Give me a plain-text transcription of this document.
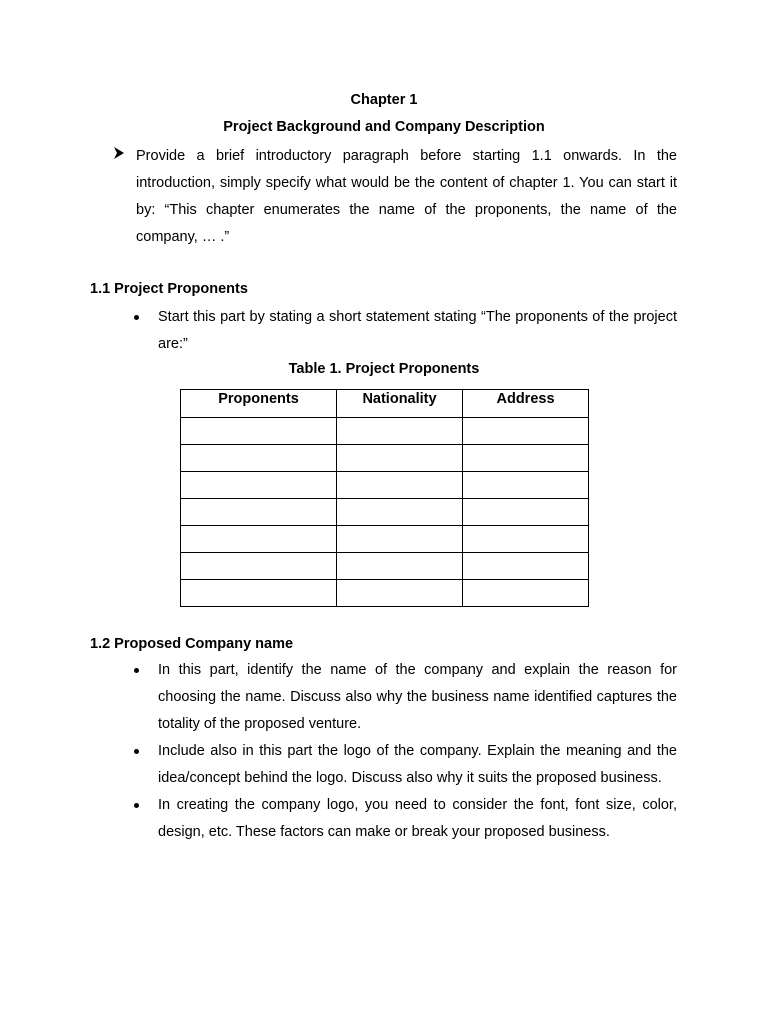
Chapter 1
Project Background and Company Description
Provide a brief introductory paragraph before starting 1.1 onwards. In the introduction, simply specify what would be the content of chapter 1. You can start it by: “This chapter enumerates the name of the proponents, the name of the company, … .”
1.1 Project Proponents
Start this part by stating a short statement stating “The proponents of the project are:”
Table 1. Project Proponents
Proponents	Nationality	Address

1.2 Proposed Company name
In this part, identify the name of the company and explain the reason for choosing the name. Discuss also why the business name identified captures the totality of the proposed venture.
Include also in this part the logo of the company. Explain the meaning and the idea/concept behind the logo. Discuss also why it suits the proposed business.
In creating the company logo, you need to consider the font, font size, color, design, etc. These factors can make or break your proposed business.
